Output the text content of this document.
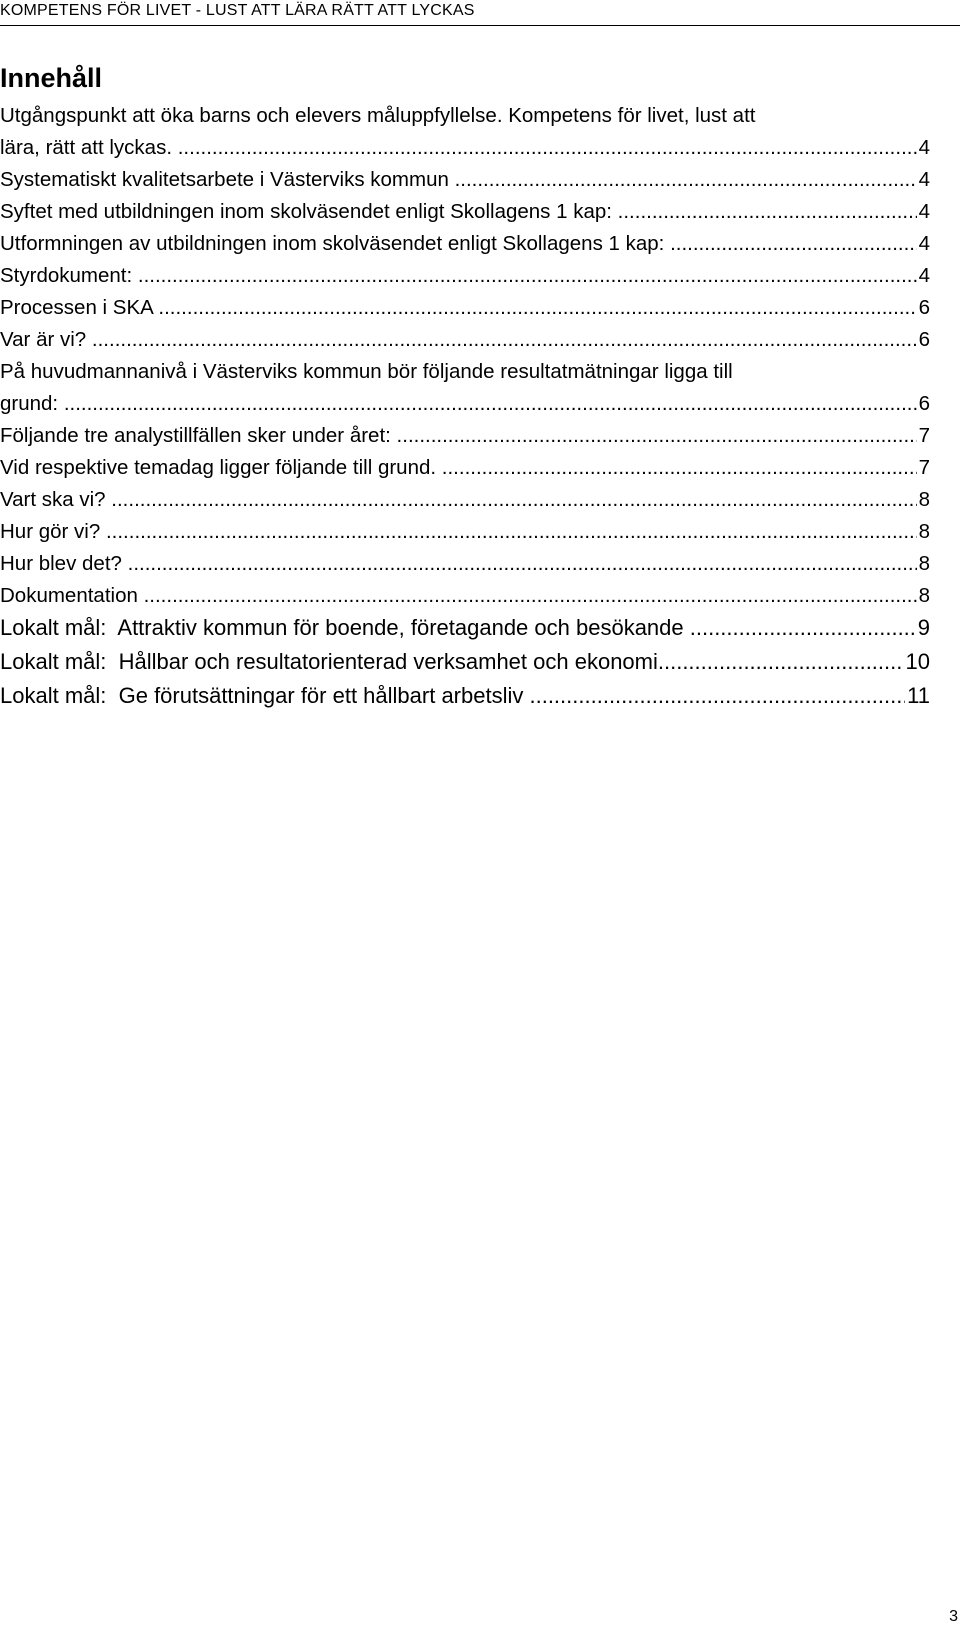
KOMPETENS FÖR LIVET - LUST ATT LÄRA RÄTT ATT LYCKAS
Innehåll
Utgångspunkt att öka barns och elevers måluppfyllelse. Kompetens för livet, lust att
lära, rätt att lyckas. .....	4
Systematiskt kvalitetsarbete i Västerviks kommun .....	4
Syftet med utbildningen inom skolväsendet enligt Skollagens 1 kap: .....	4
Utformningen av utbildningen inom skolväsendet enligt Skollagens 1 kap: .....	4
Styrdokument: .....	4
Processen i SKA .....	6
Var är vi? .....	6
På huvudmannanivå i Västerviks kommun bör följande resultatmätningar ligga till
grund: .....	6
Följande tre analystillfällen sker under året: .....	7
Vid respektive temadag ligger följande till grund. .....	7
Vart ska vi? .....	8
Hur gör vi? .....	8
Hur blev det? .....	8
Dokumentation .....	8
Lokalt mål:  Attraktiv kommun för boende, företagande och besökande .....	9
Lokalt mål:  Hållbar och resultatorienterad verksamhet och ekonomi .....	10
Lokalt mål:  Ge förutsättningar för ett hållbart arbetsliv .....	11
3
